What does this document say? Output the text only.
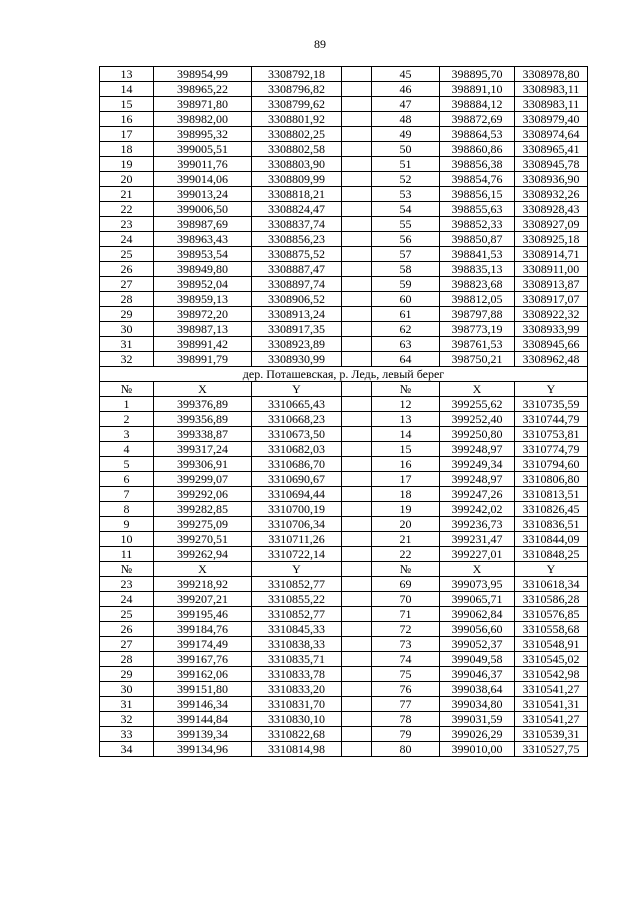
89
13	398954,99	3308792,18		45	398895,70	3308978,80
14	398965,22	3308796,82		46	398891,10	3308983,11
15	398971,80	3308799,62		47	398884,12	3308983,11
16	398982,00	3308801,92		48	398872,69	3308979,40
17	398995,32	3308802,25		49	398864,53	3308974,64
18	399005,51	3308802,58		50	398860,86	3308965,41
19	399011,76	3308803,90		51	398856,38	3308945,78
20	399014,06	3308809,99		52	398854,76	3308936,90
21	399013,24	3308818,21		53	398856,15	3308932,26
22	399006,50	3308824,47		54	398855,63	3308928,43
23	398987,69	3308837,74		55	398852,33	3308927,09
24	398963,43	3308856,23		56	398850,87	3308925,18
25	398953,54	3308875,52		57	398841,53	3308914,71
26	398949,80	3308887,47		58	398835,13	3308911,00
27	398952,04	3308897,74		59	398823,68	3308913,87
28	398959,13	3308906,52		60	398812,05	3308917,07
29	398972,20	3308913,24		61	398797,88	3308922,32
30	398987,13	3308917,35		62	398773,19	3308933,99
31	398991,42	3308923,89		63	398761,53	3308945,66
32	398991,79	3308930,99		64	398750,21	3308962,48
дер. Поташевская, р. Ледь, левый берег						
№	X	Y		№	X	Y
1	399376,89	3310665,43		12	399255,62	3310735,59
2	399356,89	3310668,23		13	399252,40	3310744,79
3	399338,87	3310673,50		14	399250,80	3310753,81
4	399317,24	3310682,03		15	399248,97	3310774,79
5	399306,91	3310686,70		16	399249,34	3310794,60
6	399299,07	3310690,67		17	399248,97	3310806,80
7	399292,06	3310694,44		18	399247,26	3310813,51
8	399282,85	3310700,19		19	399242,02	3310826,45
9	399275,09	3310706,34		20	399236,73	3310836,51
10	399270,51	3310711,26		21	399231,47	3310844,09
11	399262,94	3310722,14		22	399227,01	3310848,25
№	X	Y		№	X	Y
23	399218,92	3310852,77		69	399073,95	3310618,34
24	399207,21	3310855,22		70	399065,71	3310586,28
25	399195,46	3310852,77		71	399062,84	3310576,85
26	399184,76	3310845,33		72	399056,60	3310558,68
27	399174,49	3310838,33		73	399052,37	3310548,91
28	399167,76	3310835,71		74	399049,58	3310545,02
29	399162,06	3310833,78		75	399046,37	3310542,98
30	399151,80	3310833,20		76	399038,64	3310541,27
31	399146,34	3310831,70		77	399034,80	3310541,31
32	399144,84	3310830,10		78	399031,59	3310541,27
33	399139,34	3310822,68		79	399026,29	3310539,31
34	399134,96	3310814,98		80	399010,00	3310527,75
